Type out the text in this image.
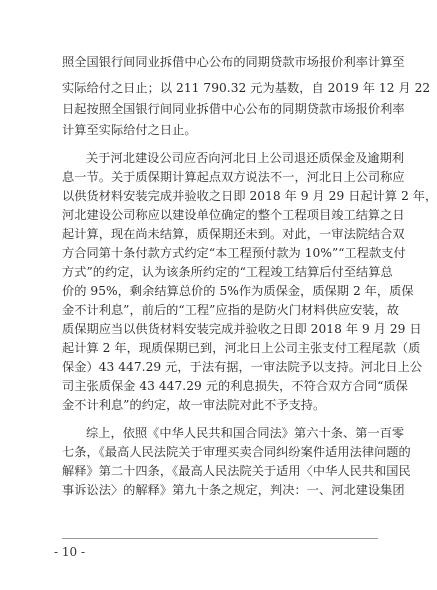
照全国银行间同业拆借中心公布的同期贷款市场报价利率计算至
实际给付之日止；以 211 790.32 元为基数，自 2019 年 12 月 22
日起按照全国银行间同业拆借中心公布的同期贷款市场报价利率
计算至实际给付之日止。
关于河北建设公司应否向河北日上公司退还质保金及逾期利
息一节。关于质保期计算起点双方说法不一，河北日上公司称应
以供货材料安装完成并验收之日即 2018 年 9 月 29 日起计算 2 年，
河北建设公司称应以建设单位确定的整个工程项目竣工结算之日
起计算，现在尚未结算，质保期还未到。对此，一审法院结合双
方合同第十条付款方式约定“本工程预付款为 10%”“工程款支付
方式”的约定，认为该条所约定的“工程竣工结算后付至结算总
价的 95%，剩余结算总价的 5%作为质保金，质保期 2 年，质保
金不计利息”，前后的“工程”应指的是防火门材料供应安装，故
质保期应当以供货材料安装完成并验收之日即 2018 年 9 月 29 日
起计算 2 年，现质保期已到，河北日上公司主张支付工程尾款（质
保金）43 447.29 元，于法有据，一审法院予以支持。河北日上公
司主张质保金 43 447.29 元的利息损失，不符合双方合同“质保
金不计利息”的约定，故一审法院对此不予支持。
综上，依照《中华人民共和国合同法》第六十条、第一百零
七条，《最高人民法院关于审理买卖合同纠纷案件适用法律问题的
解释》第二十四条，《最高人民法院关于适用〈中华人民共和国民
事诉讼法〉的解释》第九十条之规定，判决：一、河北建设集团
- 10 -
